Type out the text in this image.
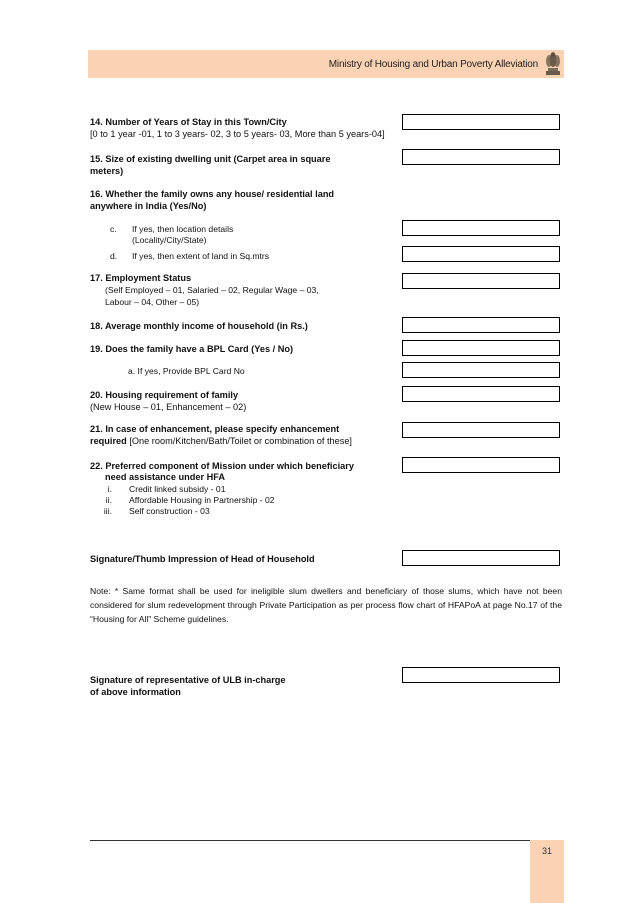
Ministry of Housing and Urban Poverty Alleviation
14. Number of Years of Stay in this Town/City
[0 to 1 year -01, 1 to 3 years- 02, 3 to 5 years- 03, More than 5 years-04]
15. Size of existing dwelling unit (Carpet area in square
meters)
16. Whether the family owns any house/ residential land
anywhere in India (Yes/No)
c. If yes, then location details
(Locality/City/State)
d. If yes, then extent of land in Sq.mtrs
17. Employment Status
(Self Employed – 01, Salaried – 02, Regular Wage – 03,
Labour – 04, Other – 05)
18. Average monthly income of household (in Rs.)
19. Does the family have a BPL Card (Yes / No)
a. If yes, Provide BPL Card No
20. Housing requirement of family
(New House – 01, Enhancement – 02)
21. In case of enhancement, please specify enhancement
required [One room/Kitchen/Bath/Toilet or combination of these]
22. Preferred component of Mission under which beneficiary
need assistance under HFA
i. Credit linked subsidy - 01
ii. Affordable Housing in Partnership - 02
iii. Self construction - 03
Signature/Thumb Impression of Head of Household
Note: * Same format shall be used for ineligible slum dwellers and beneficiary of those slums, which have not been considered for slum redevelopment through Private Participation as per process flow chart of HFAPoA at page No.17 of the “Housing for All” Scheme guidelines.
Signature of representative of ULB in-charge
of above information
31
